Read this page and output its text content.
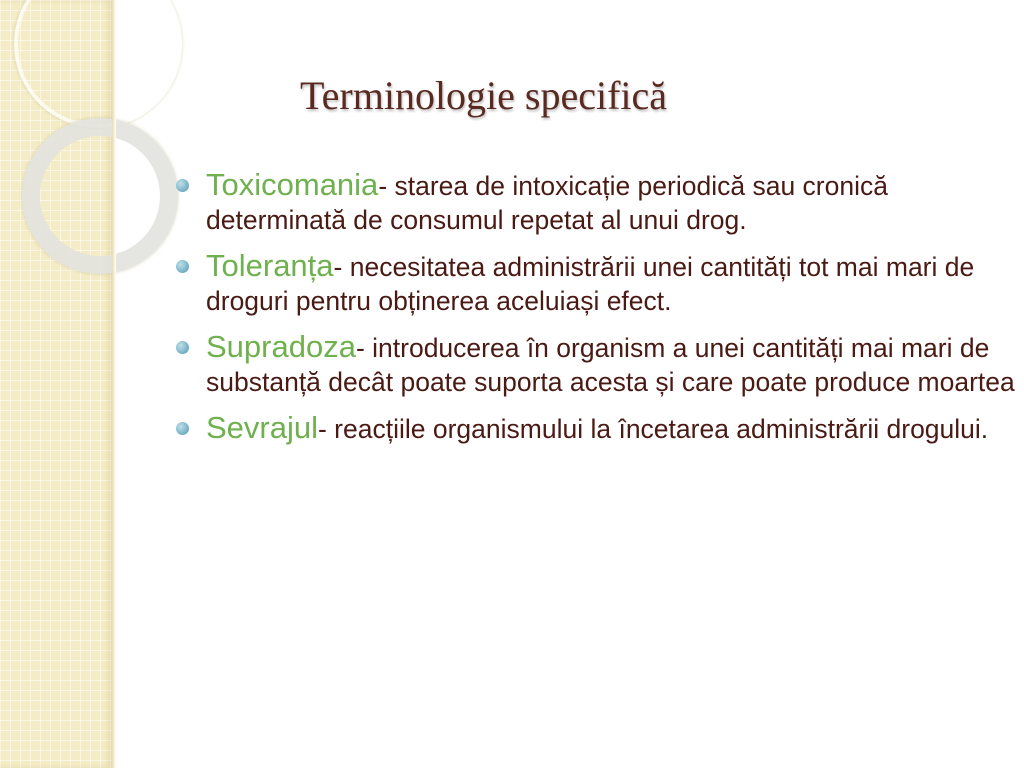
Terminologie specifică
Toxicomania- starea de intoxicație periodică sau cronică determinată de consumul repetat al unui drog.
Toleranța- necesitatea administrării unei cantități tot mai mari de droguri pentru obținerea aceluiași efect.
Supradoza- introducerea în organism a unei cantități mai mari de substanță decât poate suporta acesta și care poate produce moartea
Sevrajul- reacțiile organismului la încetarea administrării drogului.
